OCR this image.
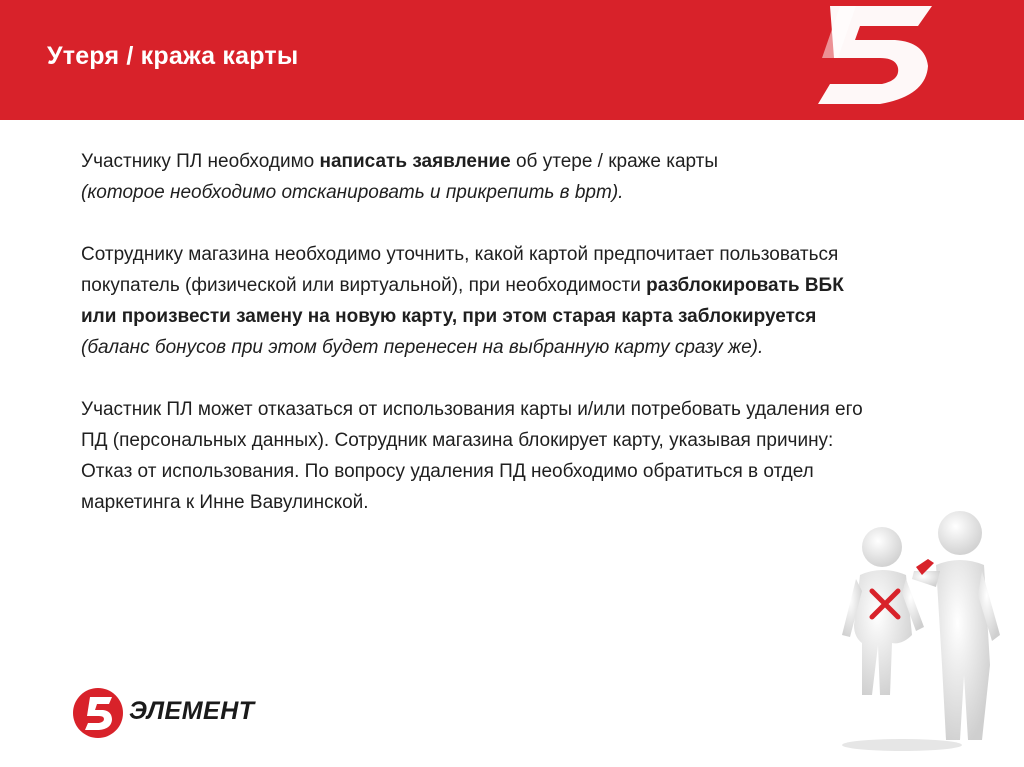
Утеря / кража карты

Участнику ПЛ необходимо написать заявление об утере / краже карты
(которое необходимо отсканировать и прикрепить в bpm).

Сотруднику магазина необходимо уточнить, какой картой предпочитает пользоваться покупатель (физической или виртуальной), при необходимости разблокировать ВБК или произвести замену на новую карту, при этом старая карта заблокируется (баланс бонусов при этом будет перенесен на выбранную карту сразу же).

Участник ПЛ может отказаться от использования карты и/или потребовать удаления его ПД (персональных данных). Сотрудник магазина блокирует карту, указывая причину: Отказ от использования. По вопросу удаления ПД необходимо обратиться в отдел маркетинга к Инне Вавулинской.

ЭЛЕМЕНТ
